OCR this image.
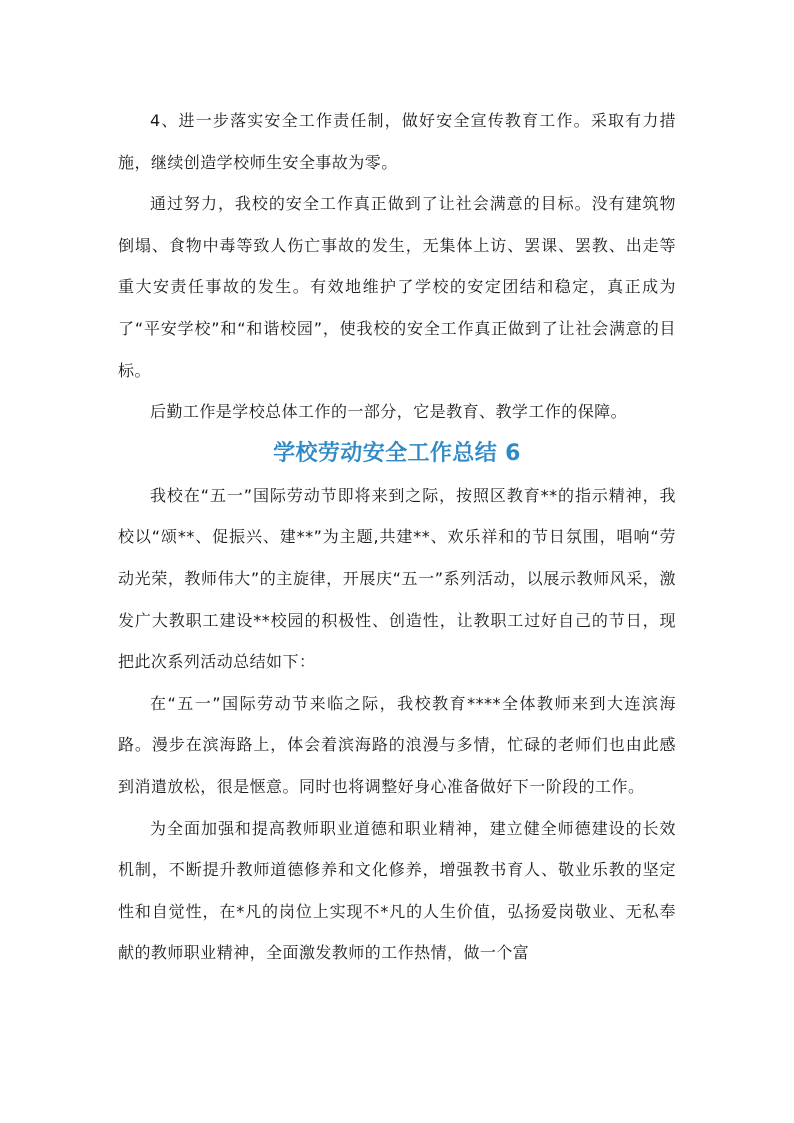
4、进一步落实安全工作责任制，做好安全宣传教育工作。采取有力措施，继续创造学校师生安全事故为零。

通过努力，我校的安全工作真正做到了让社会满意的目标。没有建筑物倒塌、食物中毒等致人伤亡事故的发生，无集体上访、罢课、罢教、出走等重大安责任事故的发生。有效地维护了学校的安定团结和稳定，真正成为了“平安学校”和“和谐校园”，使我校的安全工作真正做到了让社会满意的目标。

后勤工作是学校总体工作的一部分，它是教育、教学工作的保障。

学校劳动安全工作总结 6

我校在“五一”国际劳动节即将来到之际，按照区教育**的指示精神，我校以“颂**、促振兴、建**”为主题,共建**、欢乐祥和的节日氛围，唱响“劳动光荣，教师伟大”的主旋律，开展庆“五一”系列活动，以展示教师风采，激发广大教职工建设**校园的积极性、创造性，让教职工过好自己的节日，现把此次系列活动总结如下：

在“五一”国际劳动节来临之际，我校教育****全体教师来到大连滨海路。漫步在滨海路上，体会着滨海路的浪漫与多情，忙碌的老师们也由此感到消遣放松，很是惬意。同时也将调整好身心准备做好下一阶段的工作。

为全面加强和提高教师职业道德和职业精神，建立健全师德建设的长效机制，不断提升教师道德修养和文化修养，增强教书育人、敬业乐教的坚定性和自觉性，在*凡的岗位上实现不*凡的人生价值，弘扬爱岗敬业、无私奉献的教师职业精神，全面激发教师的工作热情，做一个富
